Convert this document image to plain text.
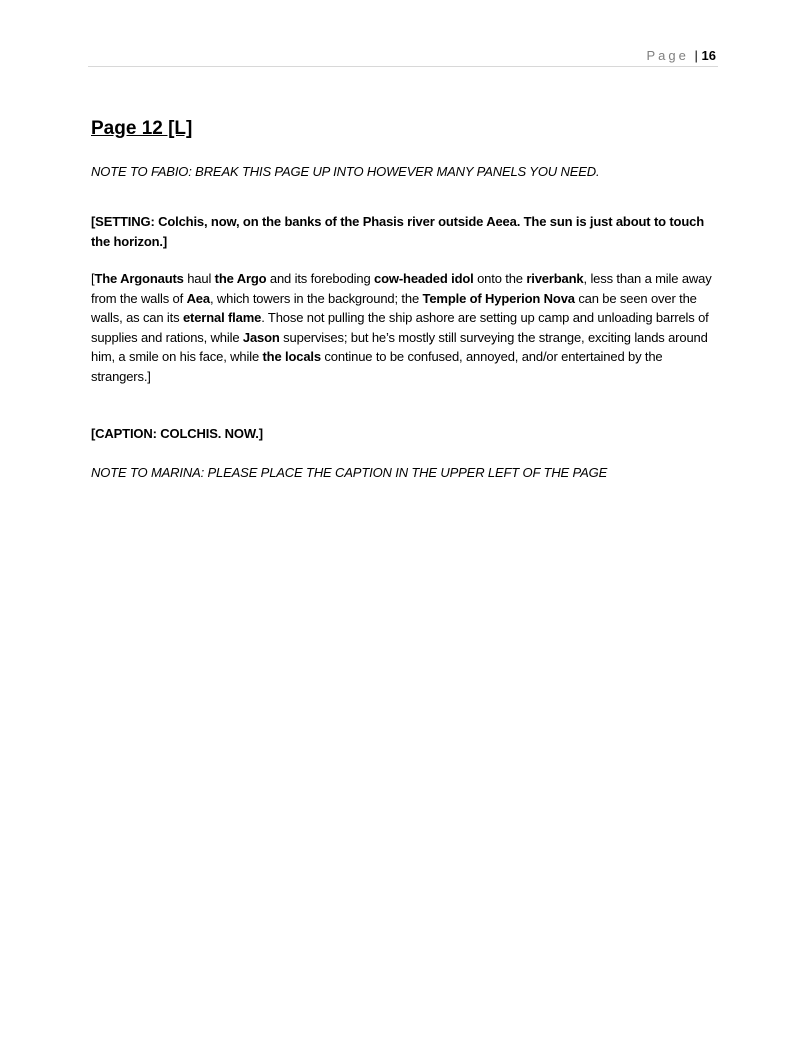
Page | 16
Page 12 [L]

NOTE TO FABIO: BREAK THIS PAGE UP INTO HOWEVER MANY PANELS YOU NEED.

[SETTING: Colchis, now, on the banks of the Phasis river outside Aeea. The sun is just about to touch the horizon.]

[The Argonauts haul the Argo and its foreboding cow-headed idol onto the riverbank, less than a mile away from the walls of Aea, which towers in the background; the Temple of Hyperion Nova can be seen over the walls, as can its eternal flame. Those not pulling the ship ashore are setting up camp and unloading barrels of supplies and rations, while Jason supervises; but he’s mostly still surveying the strange, exciting lands around him, a smile on his face, while the locals continue to be confused, annoyed, and/or entertained by the strangers.]

[CAPTION: COLCHIS. NOW.]

NOTE TO MARINA: PLEASE PLACE THE CAPTION IN THE UPPER LEFT OF THE PAGE
